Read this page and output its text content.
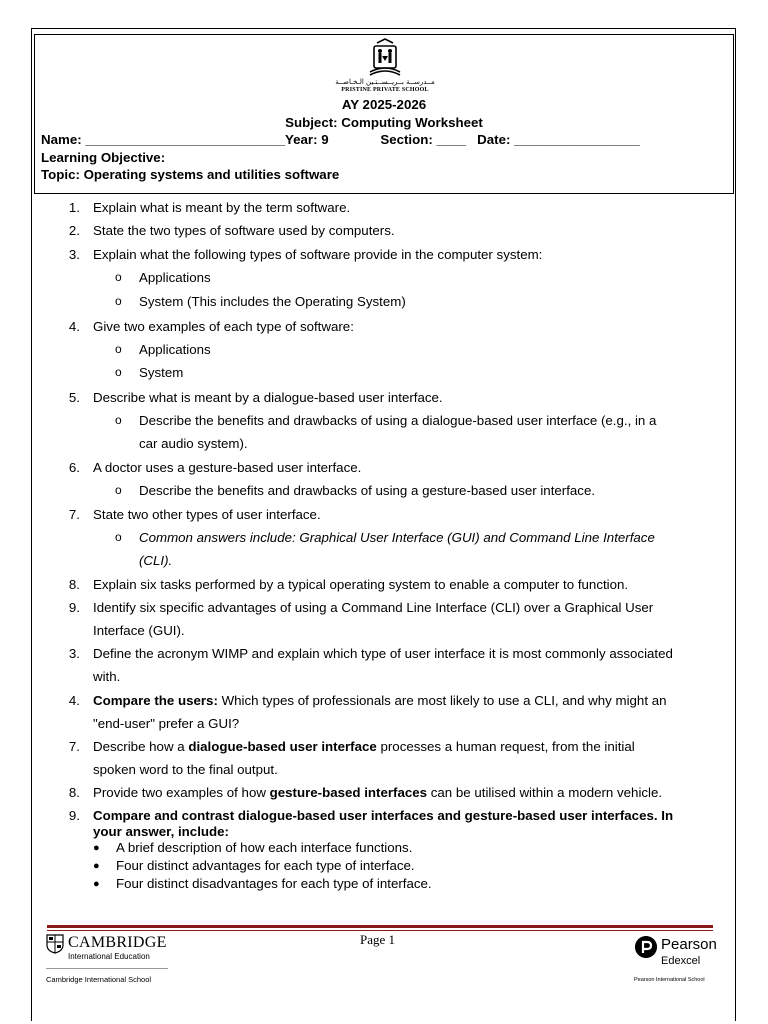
مــدرســة بــريــســتـين الـخـاصــة
PRISTINE PRIVATE SCHOOL
AY 2025-2026
Subject: Computing Worksheet
Name: ___________________________Year: 9              Section: ____   Date: _________________
Learning Objective:
Topic: Operating systems and utilities software
1. Explain what is meant by the term software.
2. State the two types of software used by computers.
3. Explain what the following types of software provide in the computer system:
o Applications
o System (This includes the Operating System)
4. Give two examples of each type of software:
o Applications
o System
5. Describe what is meant by a dialogue-based user interface.
o Describe the benefits and drawbacks of using a dialogue-based user interface (e.g., in a
car audio system).
6. A doctor uses a gesture-based user interface.
o Describe the benefits and drawbacks of using a gesture-based user interface.
7. State two other types of user interface.
o Common answers include: Graphical User Interface (GUI) and Command Line Interface
(CLI).
8. Explain six tasks performed by a typical operating system to enable a computer to function.
9. Identify six specific advantages of using a Command Line Interface (CLI) over a Graphical User
Interface (GUI).
3. Define the acronym WIMP and explain which type of user interface it is most commonly associated
with.
4. Compare the users: Which types of professionals are most likely to use a CLI, and why might an
"end-user" prefer a GUI?
7. Describe how a dialogue-based user interface processes a human request, from the initial
spoken word to the final output.
8. Provide two examples of how gesture-based interfaces can be utilised within a modern vehicle.
9. Compare and contrast dialogue-based user interfaces and gesture-based user interfaces. In
your answer, include:
● A brief description of how each interface functions.
● Four distinct advantages for each type of interface.
● Four distinct disadvantages for each type of interface.
Page 1
CAMBRIDGE
International Education
Cambridge International School
Pearson
Edexcel
Pearson International School
